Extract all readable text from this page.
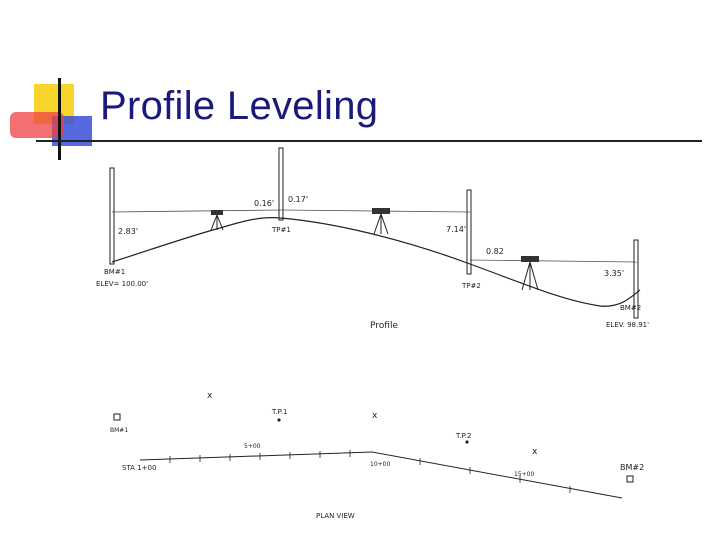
Profile Leveling
2.83'
0.16' 0.17'
7.14'
0.82
3.35'
BM#1
ELEV= 100.00'
TP#1
TP#2
BM#2
ELEV. 98.91'
Profile
5+00
15+00
STA 1+00	10+00
BM#1
x
T.P.1	x
T.P.2
x
BM#2
PLAN VIEW
